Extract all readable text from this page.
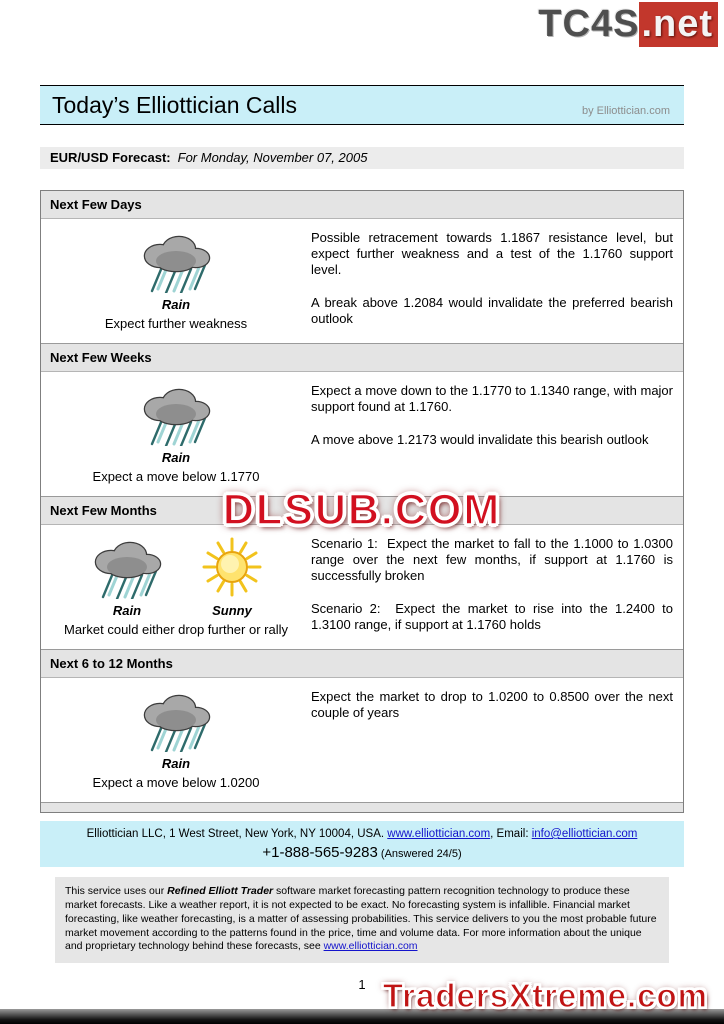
TC4S.net
Today’s Elliottician Calls	by Elliottician.com
EUR/USD Forecast: For Monday, November 07, 2005
Next Few Days
Rain
Expect further weakness

Possible retracement towards 1.1867 resistance level, but expect further weakness and a test of the 1.1760 support level.

A break above 1.2084 would invalidate the preferred bearish outlook

Next Few Weeks
Rain
Expect a move below 1.1770

Expect a move down to the 1.1770 to 1.1340 range, with major support found at 1.1760.

A move above 1.2173 would invalidate this bearish outlook

Next Few Months
Rain	Sunny
Market could either drop further or rally

Scenario 1:  Expect the market to fall to the 1.1000 to 1.0300 range over the next few months, if support at 1.1760 is successfully broken

Scenario 2:  Expect the market to rise into the 1.2400 to 1.3100 range, if support at 1.1760 holds

Next 6 to 12 Months
Rain
Expect a move below 1.0200

Expect the market to drop to 1.0200 to 0.8500 over the next couple of years

Elliottician LLC, 1 West Street, New York, NY 10004, USA. www.elliottician.com, Email: info@elliottician.com
+1-888-565-9283 (Answered 24/5)
This service uses our Refined Elliott Trader software market forecasting pattern recognition technology to produce these market forecasts. Like a weather report, it is not expected to be exact. No forecasting system is infallible. Financial market forecasting, like weather forecasting, is a matter of assessing probabilities. This service delivers to you the most probable future market movement according to the patterns found in the price, time and volume data. For more information about the unique and proprietary technology behind these forecasts, see www.elliottician.com
1
DLSUB.COM
TradersXtreme.com
